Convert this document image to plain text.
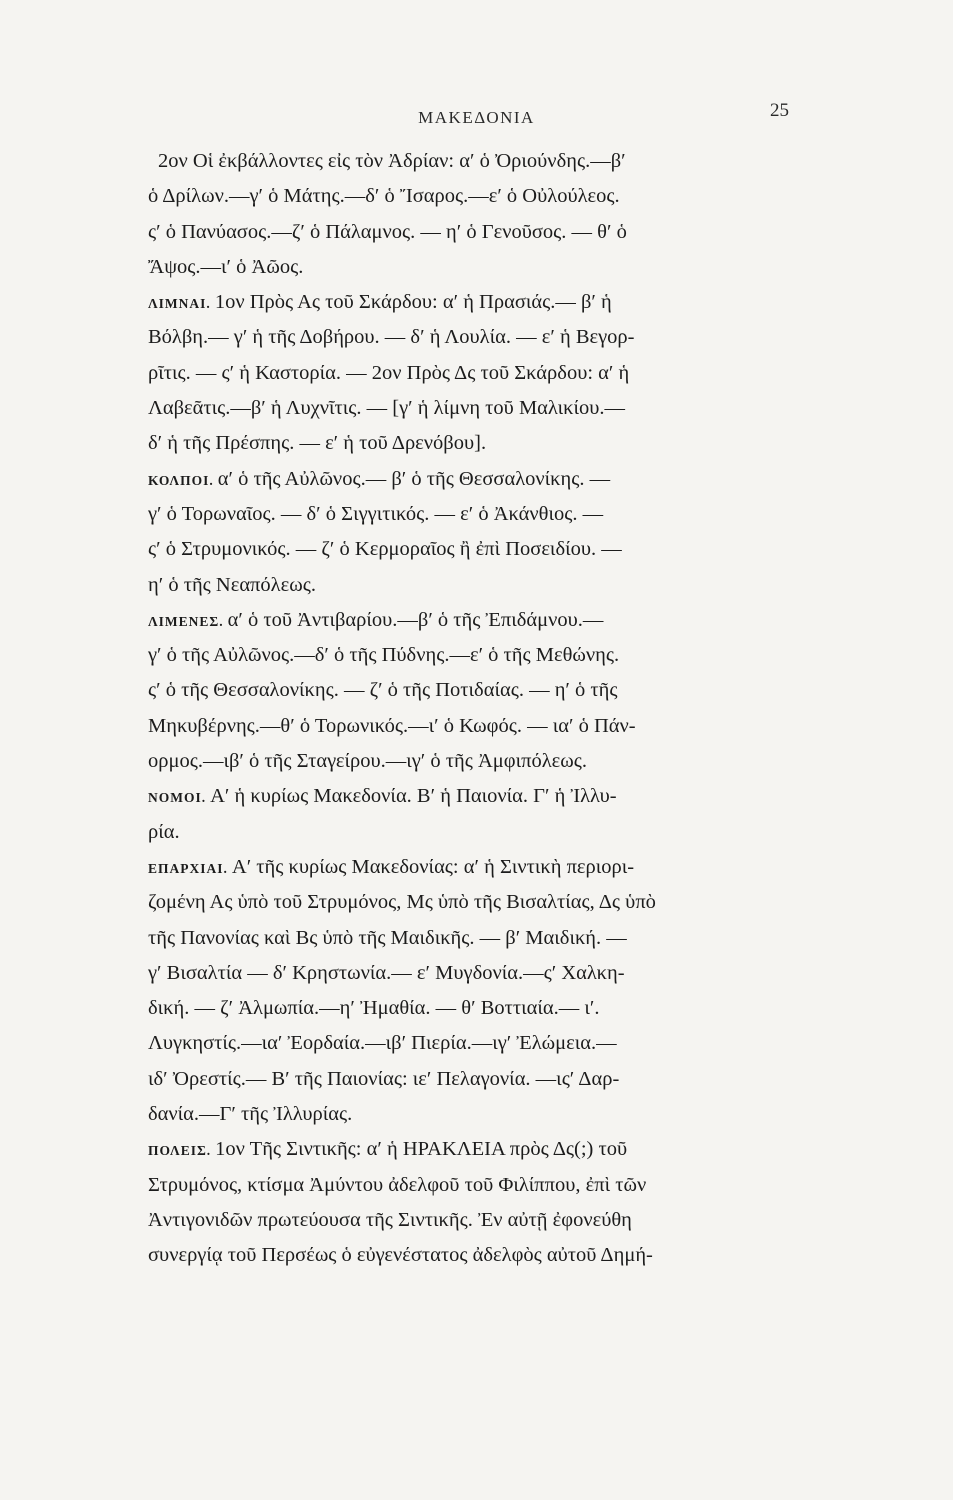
ΜΑΚΕΔΟΝΙΑ	25
2ον Οἱ ἐκβάλλοντες εἰς τὸν Ἀδρίαν: α′ ὁ Ὀριούνδης.—β′
ὁ Δρίλων.—γ′ ὁ Μάτης.—δ′ ὁ Ἴσαρος.—ε′ ὁ Οὐλούλεος.
ς′ ὁ Πανύασος.—ζ′ ὁ Πάλαμνος. — η′ ὁ Γενοῦσος. — θ′ ὁ
Ἄψος.—ι′ ὁ Ἀῶος.
ΛΙΜΝΑΙ. 1ον Πρὸς Ας τοῦ Σκάρδου: α′ ἡ Πρασιάς.— β′ ἡ
Βόλβη.— γ′ ἡ τῆς Δοβήρου. — δ′ ἡ Λουλία. — ε′ ἡ Βεγορ-
ρῖτις. — ς′ ἡ Καστορία. — 2ον Πρὸς Δς τοῦ Σκάρδου: α′ ἡ
Λαβεᾶτις.—β′ ἡ Λυχνῖτις. — [γ′ ἡ λίμνη τοῦ Μαλικίου.—
δ′ ἡ τῆς Πρέσπης. — ε′ ἡ τοῦ Δρενόβου].
ΚΟΛΠΟΙ. α′ ὁ τῆς Αὐλῶνος.— β′ ὁ τῆς Θεσσαλονίκης. —
γ′ ὁ Τορωναῖος. — δ′ ὁ Σιγγιτικός. — ε′ ὁ Ἀκάνθιος. —
ς′ ὁ Στρυμονικός. — ζ′ ὁ Κερμοραῖος ἢ ἐπὶ Ποσειδίου. —
η′ ὁ τῆς Νεαπόλεως.
ΛΙΜΕΝΕΣ. α′ ὁ τοῦ Ἀντιβαρίου.—β′ ὁ τῆς Ἐπιδάμνου.—
γ′ ὁ τῆς Αὐλῶνος.—δ′ ὁ τῆς Πύδνης.—ε′ ὁ τῆς Μεθώνης.
ς′ ὁ τῆς Θεσσαλονίκης. — ζ′ ὁ τῆς Ποτιδαίας. — η′ ὁ τῆς
Μηκυβέρνης.—θ′ ὁ Τορωνικός.—ι′ ὁ Κωφός. — ια′ ὁ Πάν-
ορμος.—ιβ′ ὁ τῆς Σταγείρου.—ιγ′ ὁ τῆς Ἀμφιπόλεως.
ΝΟΜΟΙ. Α′ ἡ κυρίως Μακεδονία. Β′ ἡ Παιονία. Γ′ ἡ Ἰλλυ-
ρία.
ΕΠΑΡΧΙΑΙ. Α′ τῆς κυρίως Μακεδονίας: α′ ἡ Σιντικὴ περιορι-
ζομένη Ας ὑπὸ τοῦ Στρυμόνος, Μς ὑπὸ τῆς Βισαλτίας, Δς ὑπὸ
τῆς Πανονίας καὶ Βς ὑπὸ τῆς Μαιδικῆς. — β′ Μαιδική. —
γ′ Βισαλτία — δ′ Κρηστωνία.— ε′ Μυγδονία.—ς′ Χαλκη-
δική. — ζ′ Ἀλμωπία.—η′ Ἠμαθία. — θ′ Βοττιαία.— ι′.
Λυγκηστίς.—ια′ Ἐορδαία.—ιβ′ Πιερία.—ιγ′ Ἐλώμεια.—
ιδ′ Ὀρεστίς.— Β′ τῆς Παιονίας: ιε′ Πελαγονία. —ις′ Δαρ-
δανία.—Γ′ τῆς Ἰλλυρίας.
ΠΟΛΕΙΣ. 1ον Τῆς Σιντικῆς: α′ ἡ ΗΡΑΚΛΕΙΑ πρὸς Δς(;) τοῦ
Στρυμόνος, κτίσμα Ἀμύντου ἀδελφοῦ τοῦ Φιλίππου, ἐπὶ τῶν
Ἀντιγονιδῶν πρωτεύουσα τῆς Σιντικῆς. Ἐν αὐτῇ ἐφονεύθη
συνεργίᾳ τοῦ Περσέως ὁ εὐγενέστατος ἀδελφὸς αὐτοῦ Δημή-
